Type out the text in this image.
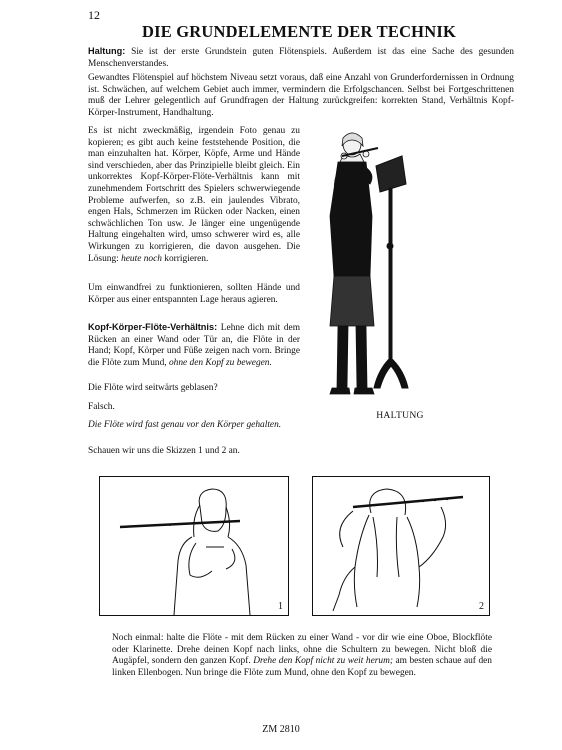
12
DIE GRUNDELEMENTE DER TECHNIK
Haltung: Sie ist der erste Grundstein guten Flötenspiels. Außerdem ist das eine Sache des gesunden Menschenverstandes.
Gewandtes Flötenspiel auf höchstem Niveau setzt voraus, daß eine Anzahl von Grunderfordernissen in Ordnung ist. Schwächen, auf welchem Gebiet auch immer, vermindern die Erfolgschancen. Selbst bei Fortgeschrittenen muß der Lehrer gelegentlich auf Grundfragen der Haltung zurückgreifen: korrekten Stand, Verhältnis Kopf-Körper-Instrument, Handhaltung.
Es ist nicht zweckmäßig, irgendein Foto genau zu kopieren; es gibt auch keine feststehende Position, die man einzuhalten hat. Körper, Köpfe, Arme und Hände sind verschieden, aber das Prinzipielle bleibt gleich. Ein unkorrektes Kopf-Körper-Flöte-Verhältnis kann mit zunehmendem Fortschritt des Spielers schwerwiegende Probleme aufwerfen, so z.B. ein jaulendes Vibrato, engen Hals, Schmerzen im Rücken oder Nacken, einen schwächlichen Ton usw. Je länger eine ungenügende Haltung eingehalten wird, umso schwerer wird es, alle Wirkungen zu korrigieren, die davon ausgehen. Die Lösung: heute noch korrigieren.
Um einwandfrei zu funktionieren, sollten Hände und Körper aus einer entspannten Lage heraus agieren.
Kopf-Körper-Flöte-Verhältnis: Lehne dich mit dem Rücken an einer Wand oder Tür an, die Flöte in der Hand; Kopf, Körper und Füße zeigen nach vorn. Bringe die Flöte zum Mund, ohne den Kopf zu bewegen.
Die Flöte wird seitwärts geblasen?
Falsch.
Die Flöte wird fast genau vor den Körper gehalten.
Schauen wir uns die Skizzen 1 und 2 an.
HALTUNG
1	2
Noch einmal: halte die Flöte - mit dem Rücken zu einer Wand - vor dir wie eine Oboe, Blockflöte oder Klarinette. Drehe deinen Kopf nach links, ohne die Schultern zu bewegen. Nicht bloß die Augäpfel, sondern den ganzen Kopf. Drehe den Kopf nicht zu weit herum; am besten schaue auf den linken Ellenbogen. Nun bringe die Flöte zum Mund, ohne den Kopf zu bewegen.
ZM 2810
